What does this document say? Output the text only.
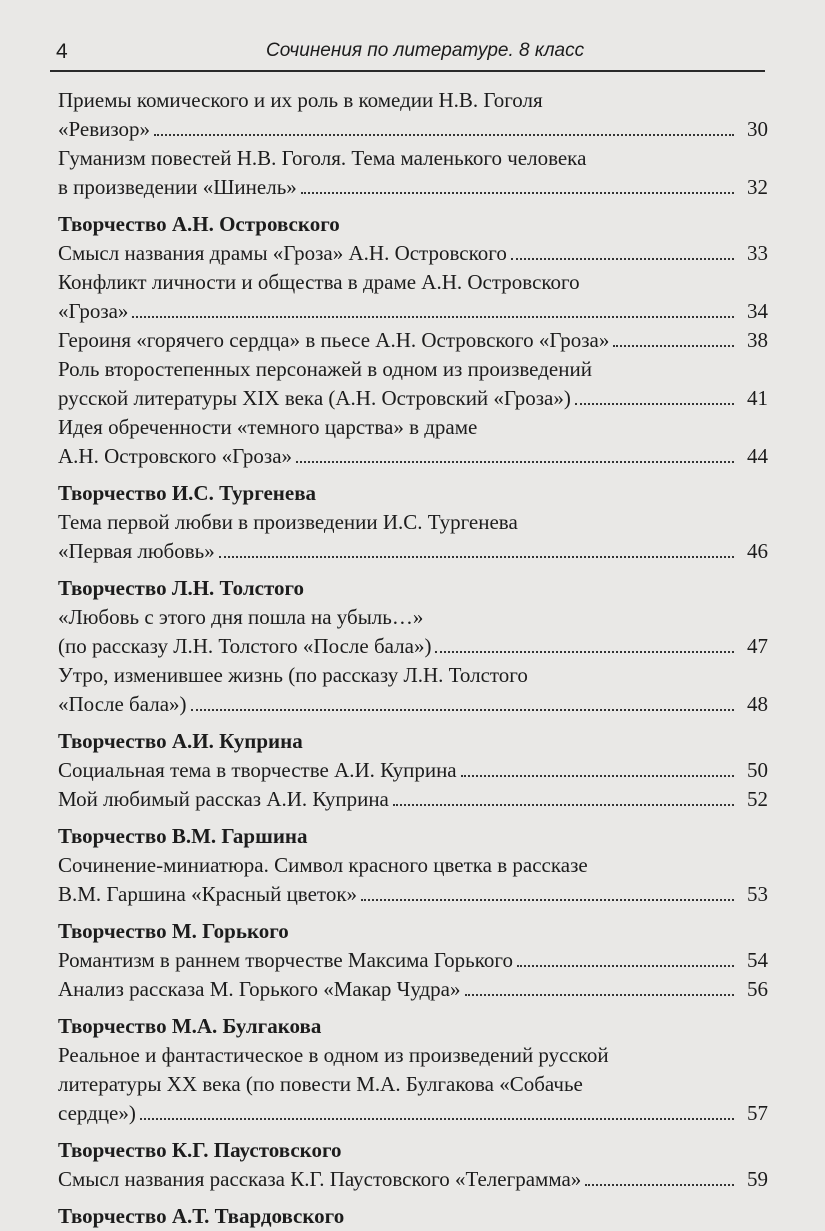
4	Сочинения по литературе. 8 класс
Приемы комического и их роль в комедии Н.В. Гоголя
«Ревизор»	30
Гуманизм повестей Н.В. Гоголя. Тема маленького человека
в произведении «Шинель»	32
Творчество А.Н. Островского
Смысл названия драмы «Гроза» А.Н. Островского	33
Конфликт личности и общества в драме А.Н. Островского
«Гроза»	34
Героиня «горячего сердца» в пьесе А.Н. Островского «Гроза»	38
Роль второстепенных персонажей в одном из произведений
русской литературы XIX века (А.Н. Островский «Гроза»)	41
Идея обреченности «темного царства» в драме
А.Н. Островского «Гроза»	44
Творчество И.С. Тургенева
Тема первой любви в произведении И.С. Тургенева
«Первая любовь»	46
Творчество Л.Н. Толстого
«Любовь с этого дня пошла на убыль…»
(по рассказу Л.Н. Толстого «После бала»)	47
Утро, изменившее жизнь (по рассказу Л.Н. Толстого
«После бала»)	48
Творчество А.И. Куприна
Социальная тема в творчестве А.И. Куприна	50
Мой любимый рассказ А.И. Куприна	52
Творчество В.М. Гаршина
Сочинение-миниатюра. Символ красного цветка в рассказе
В.М. Гаршина «Красный цветок»	53
Творчество М. Горького
Романтизм в раннем творчестве Максима Горького	54
Анализ рассказа М. Горького «Макар Чудра»	56
Творчество М.А. Булгакова
Реальное и фантастическое в одном из произведений русской
литературы XX века (по повести М.А. Булгакова «Собачье
сердце»)	57
Творчество К.Г. Паустовского
Смысл названия рассказа К.Г. Паустовского «Телеграмма»	59
Творчество А.Т. Твардовского
